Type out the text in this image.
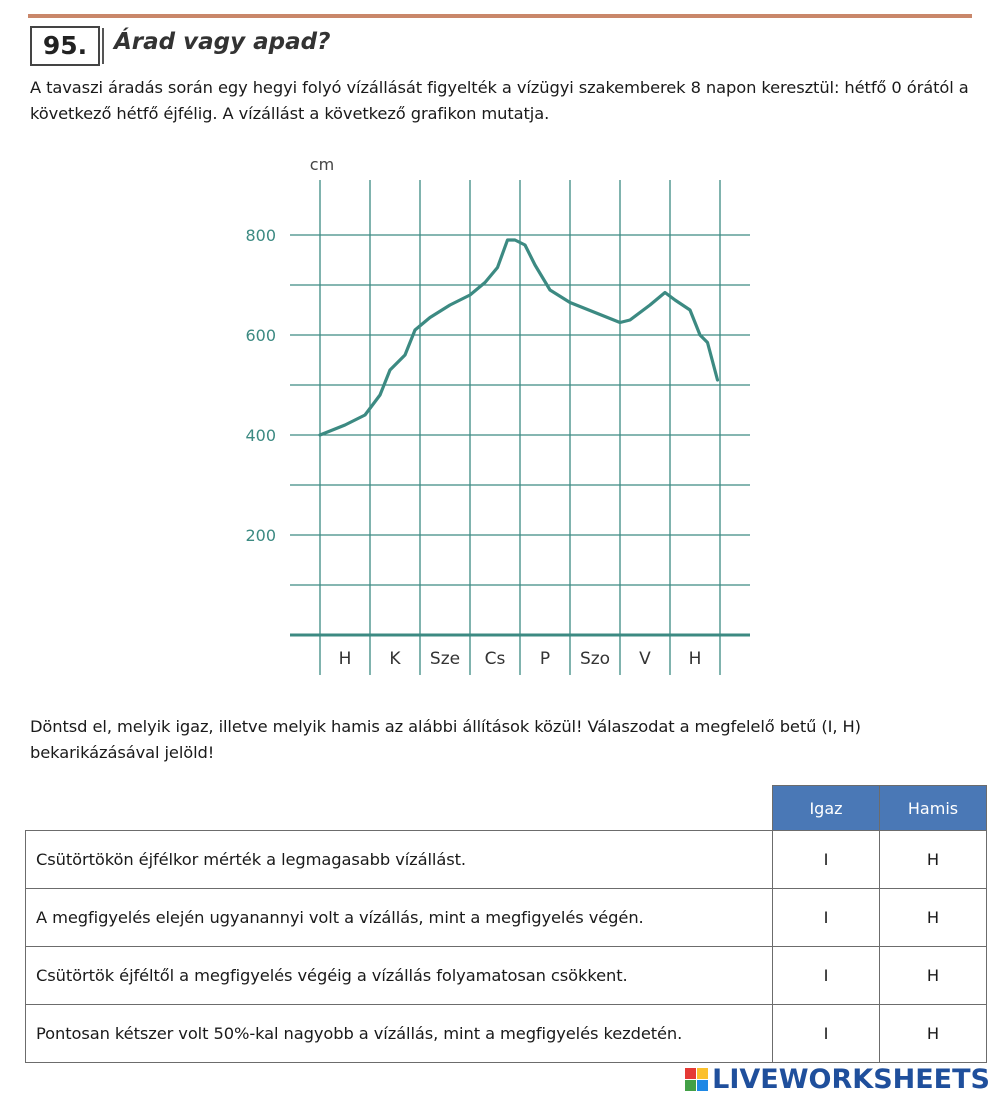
95.	Árad vagy apad?
A tavaszi áradás során egy hegyi folyó vízállását figyelték a vízügyi szakemberek 8 napon keresztül: hétfő 0 órától a következő hétfő éjfélig. A vízállást a következő grafikon mutatja.
200
400
600
800
cm
H K Sze Cs P Szo V H
Döntsd el, melyik igaz, illetve melyik hamis az alábbi állítások közül! Válaszodat a megfelelő betű (I, H) bekarikázásával jelöld!
	Igaz	Hamis
Csütörtökön éjfélkor mérték a legmagasabb vízállást.	I	H
A megfigyelés elején ugyanannyi volt a vízállás, mint a megfigyelés végén.	I	H
Csütörtök éjféltől a megfigyelés végéig a vízállás folyamatosan csökkent.	I	H
Pontosan kétszer volt 50%-kal nagyobb a vízállás, mint a megfigyelés kezdetén.	I	H
LIVEWORKSHEETS
